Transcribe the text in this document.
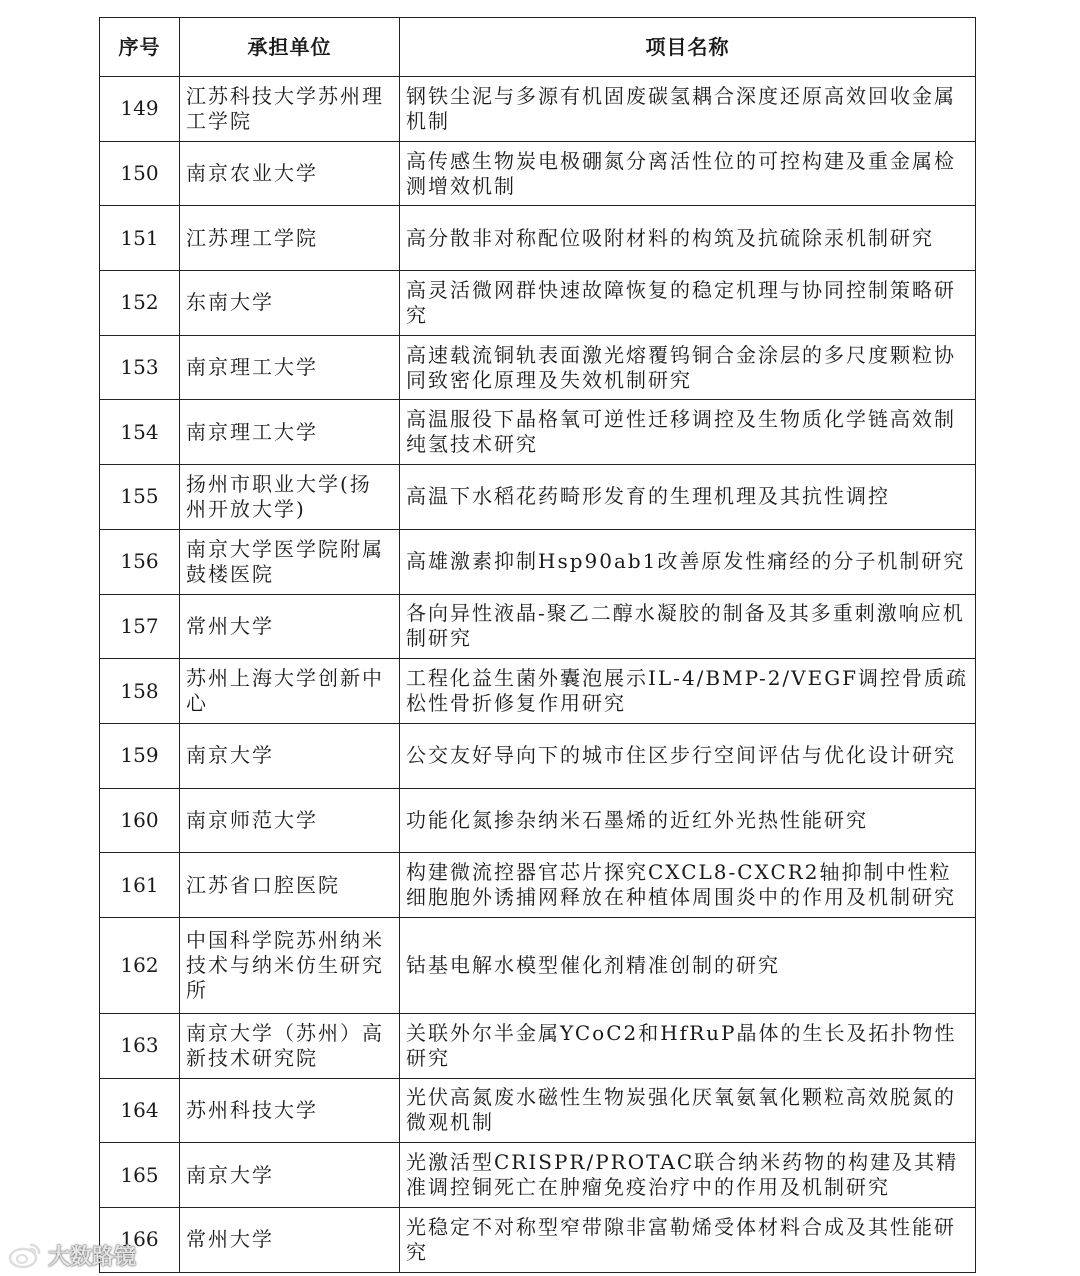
序号	承担单位	项目名称
149	江苏科技大学苏州理工学院	钢铁尘泥与多源有机固废碳氢耦合深度还原高效回收金属机制
150	南京农业大学	高传感生物炭电极硼氮分离活性位的可控构建及重金属检测增效机制
151	江苏理工学院	高分散非对称配位吸附材料的构筑及抗硫除汞机制研究
152	东南大学	高灵活微网群快速故障恢复的稳定机理与协同控制策略研究
153	南京理工大学	高速载流铜轨表面激光熔覆钨铜合金涂层的多尺度颗粒协同致密化原理及失效机制研究
154	南京理工大学	高温服役下晶格氧可逆性迁移调控及生物质化学链高效制纯氢技术研究
155	扬州市职业大学(扬州开放大学)	高温下水稻花药畸形发育的生理机理及其抗性调控
156	南京大学医学院附属鼓楼医院	高雄激素抑制Hsp90ab1改善原发性痛经的分子机制研究
157	常州大学	各向异性液晶-聚乙二醇水凝胶的制备及其多重刺激响应机制研究
158	苏州上海大学创新中心	工程化益生菌外囊泡展示IL-4/BMP-2/VEGF调控骨质疏松性骨折修复作用研究
159	南京大学	公交友好导向下的城市住区步行空间评估与优化设计研究
160	南京师范大学	功能化氮掺杂纳米石墨烯的近红外光热性能研究
161	江苏省口腔医院	构建微流控器官芯片探究CXCL8-CXCR2轴抑制中性粒细胞胞外诱捕网释放在种植体周围炎中的作用及机制研究
162	中国科学院苏州纳米技术与纳米仿生研究所	钴基电解水模型催化剂精准创制的研究
163	南京大学（苏州）高新技术研究院	关联外尔半金属YCoC2和HfRuP晶体的生长及拓扑物性研究
164	苏州科技大学	光伏高氮废水磁性生物炭强化厌氧氨氧化颗粒高效脱氮的微观机制
165	南京大学	光激活型CRISPR/PROTAC联合纳米药物的构建及其精准调控铜死亡在肿瘤免疫治疗中的作用及机制研究
166	常州大学	光稳定不对称型窄带隙非富勒烯受体材料合成及其性能研究
大数路镜
